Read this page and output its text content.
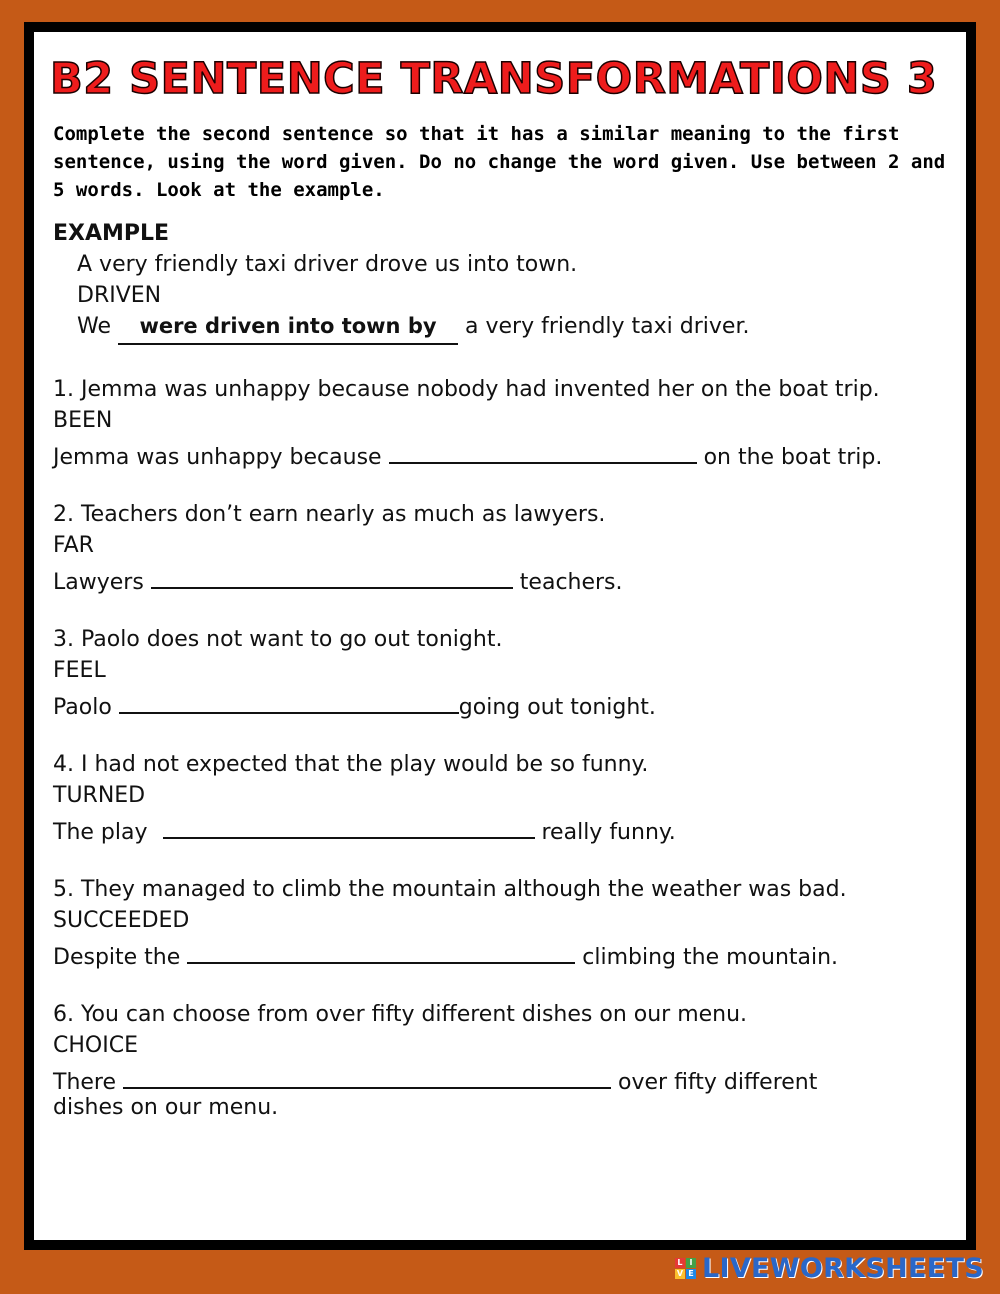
B2 SENTENCE TRANSFORMATIONS 3

Complete the second sentence so that it has a similar meaning to the first sentence, using the word given. Do no change the word given. Use between 2 and 5 words. Look at the example.

EXAMPLE
A very friendly taxi driver drove us into town.
DRIVEN
We were driven into town by a very friendly taxi driver.
1. Jemma was unhappy because nobody had invented her on the boat trip.
BEEN
Jemma was unhappy because	on the boat trip.
2. Teachers don’t earn nearly as much as lawyers.
FAR
Lawyers	teachers.
3. Paolo does not want to go out tonight.
FEEL
Paolo	going out tonight.
4. I had not expected that the play would be so funny.
TURNED
The play	really funny.
5. They managed to climb the mountain although the weather was bad.
SUCCEEDED
Despite the	climbing the mountain.
6. You can choose from over fifty different dishes on our menu.
CHOICE
There	over fifty different
dishes on our menu.
L I
V E LIVEWORKSHEETS
